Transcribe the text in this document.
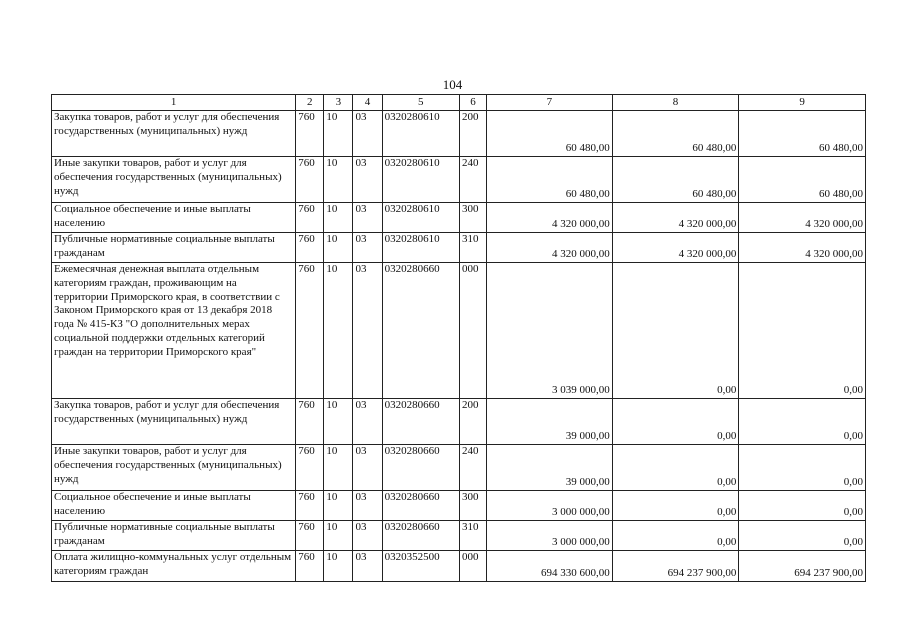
104
1	2	3	4	5	6	7	8	9
Закупка товаров, работ и услуг для обеспечения государственных (муниципальных) нужд	760	10	03	0320280610	200	60 480,00	60 480,00	60 480,00
Иные закупки товаров, работ и услуг для обеспечения государственных (муниципальных) нужд	760	10	03	0320280610	240	60 480,00	60 480,00	60 480,00
Социальное обеспечение и иные выплаты населению	760	10	03	0320280610	300	4 320 000,00	4 320 000,00	4 320 000,00
Публичные нормативные социальные выплаты гражданам	760	10	03	0320280610	310	4 320 000,00	4 320 000,00	4 320 000,00
Ежемесячная денежная выплата отдельным категориям граждан, проживающим на территории Приморского края, в соответствии с Законом Приморского края от 13 декабря 2018 года № 415-КЗ "О дополнительных мерах социальной поддержки отдельных категорий граждан на территории Приморского края"	760	10	03	0320280660	000	3 039 000,00	0,00	0,00
Закупка товаров, работ и услуг для обеспечения государственных (муниципальных) нужд	760	10	03	0320280660	200	39 000,00	0,00	0,00
Иные закупки товаров, работ и услуг для обеспечения государственных (муниципальных) нужд	760	10	03	0320280660	240	39 000,00	0,00	0,00
Социальное обеспечение и иные выплаты населению	760	10	03	0320280660	300	3 000 000,00	0,00	0,00
Публичные нормативные социальные выплаты гражданам	760	10	03	0320280660	310	3 000 000,00	0,00	0,00
Оплата жилищно-коммунальных услуг отдельным категориям граждан	760	10	03	0320352500	000	694 330 600,00	694 237 900,00	694 237 900,00
